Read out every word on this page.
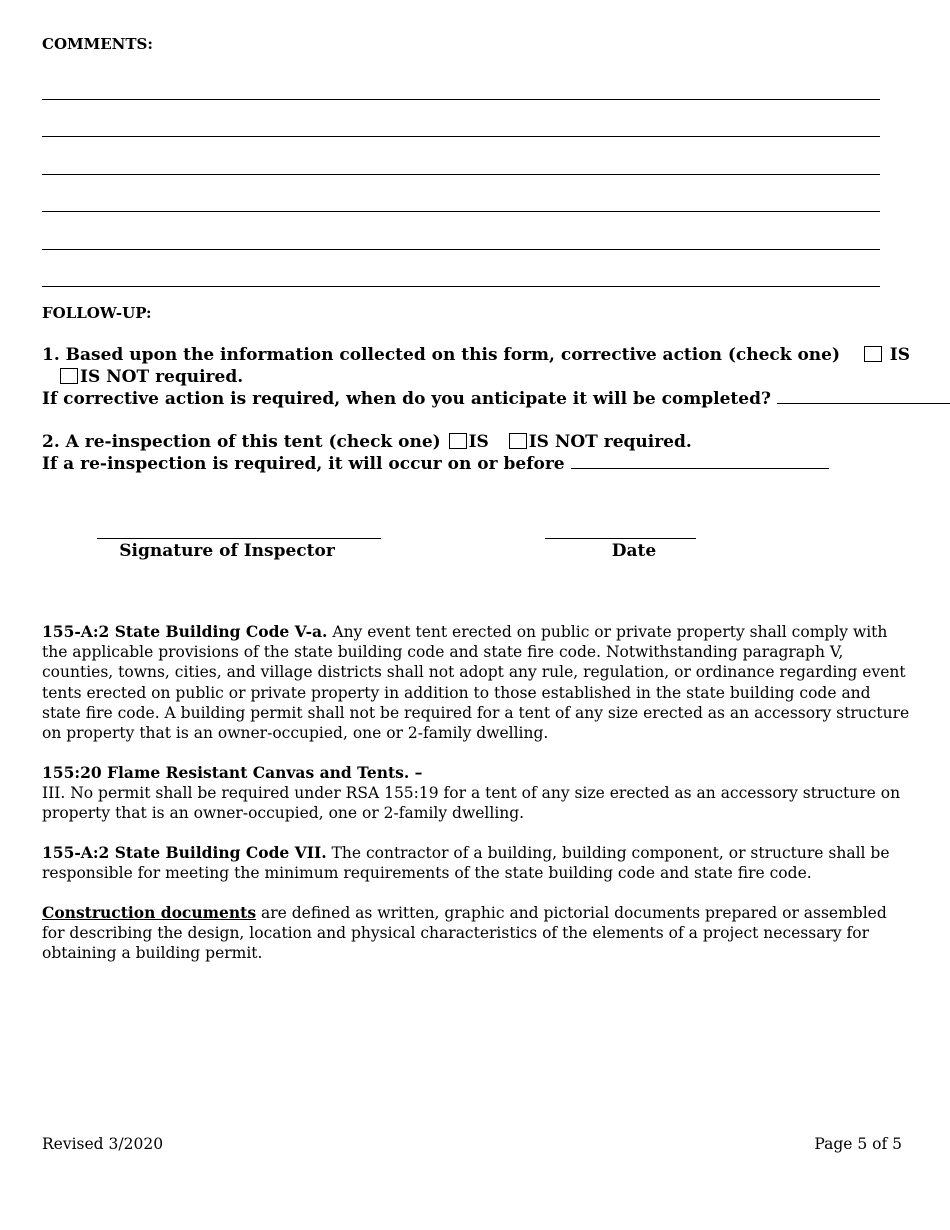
COMMENTS:
FOLLOW-UP:
1. Based upon the information collected on this form, corrective action (check one)	IS
IS NOT required.
If corrective action is required, when do you anticipate it will be completed?
2. A re-inspection of this tent (check one) IS IS NOT required.
If a re-inspection is required, it will occur on or before
Signature of Inspector	Date
155-A:2 State Building Code V-a. Any event tent erected on public or private property shall comply with the applicable provisions of the state building code and state fire code. Notwithstanding paragraph V, counties, towns, cities, and village districts shall not adopt any rule, regulation, or ordinance regarding event tents erected on public or private property in addition to those established in the state building code and state fire code. A building permit shall not be required for a tent of any size erected as an accessory structure on property that is an owner-occupied, one or 2-family dwelling.
155:20 Flame Resistant Canvas and Tents. –
III. No permit shall be required under RSA 155:19 for a tent of any size erected as an accessory structure on property that is an owner-occupied, one or 2-family dwelling.
155-A:2 State Building Code VII. The contractor of a building, building component, or structure shall be responsible for meeting the minimum requirements of the state building code and state fire code.
Construction documents are defined as written, graphic and pictorial documents prepared or assembled for describing the design, location and physical characteristics of the elements of a project necessary for obtaining a building permit.
Revised 3/2020	Page 5 of 5
